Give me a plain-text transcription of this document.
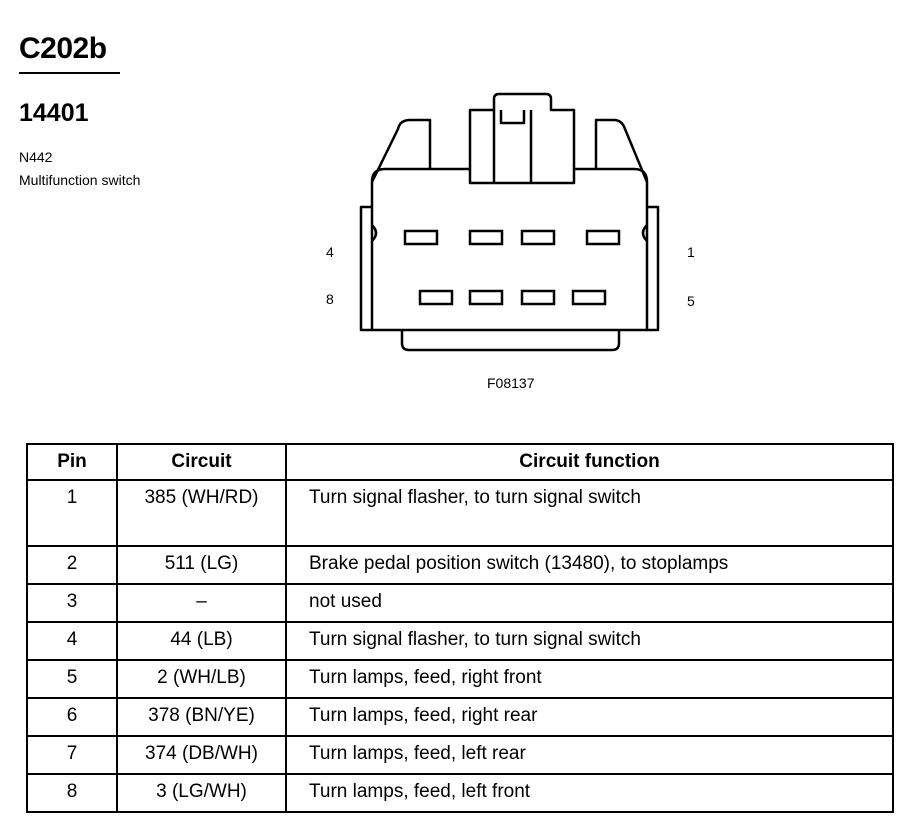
C202b
14401
N442
Multifunction switch
4	1
8	5
F08137
Pin	Circuit	Circuit function
1	385 (WH/RD)	Turn signal flasher, to turn signal switch
2	511 (LG)	Brake pedal position switch (13480), to stoplamps
3	–	not used
4	44 (LB)	Turn signal flasher, to turn signal switch
5	2 (WH/LB)	Turn lamps, feed, right front
6	378 (BN/YE)	Turn lamps, feed, right rear
7	374 (DB/WH)	Turn lamps, feed, left rear
8	3 (LG/WH)	Turn lamps, feed, left front
